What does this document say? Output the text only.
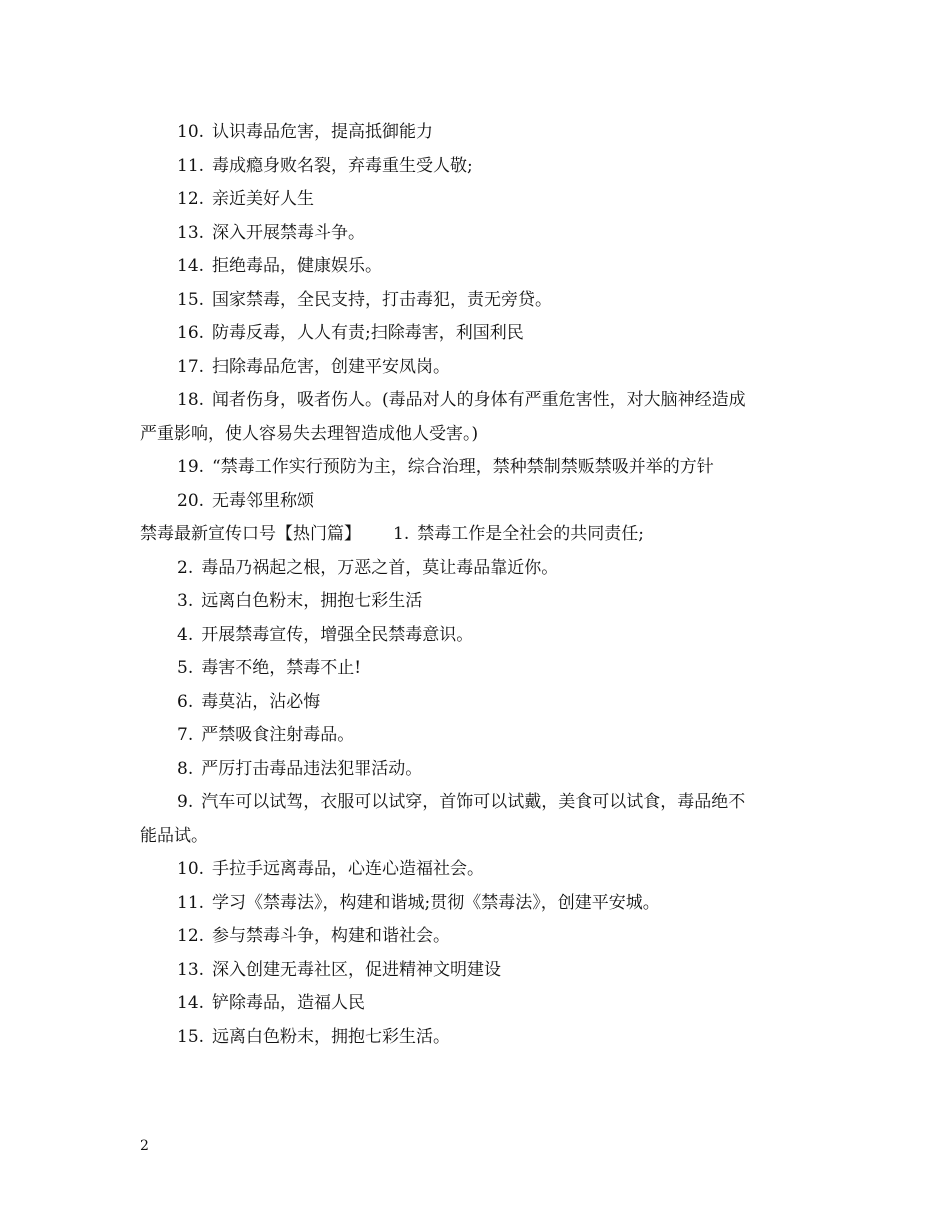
10. 认识毒品危害，提高抵御能力

11. 毒成瘾身败名裂，弃毒重生受人敬;

12. 亲近美好人生

13. 深入开展禁毒斗争。

14. 拒绝毒品，健康娱乐。

15. 国家禁毒，全民支持，打击毒犯，责无旁贷。

16. 防毒反毒，人人有责;扫除毒害，利国利民

17. 扫除毒品危害，创建平安凤岗。

18. 闻者伤身，吸者伤人。(毒品对人的身体有严重危害性，对大脑神经造成

严重影响，使人容易失去理智造成他人受害。)

19. “禁毒工作实行预防为主，综合治理，禁种禁制禁贩禁吸并举的方针

20. 无毒邻里称颂

禁毒最新宣传口号【热门篇】 1. 禁毒工作是全社会的共同责任;

2. 毒品乃祸起之根，万恶之首，莫让毒品靠近你。

3. 远离白色粉末，拥抱七彩生活

4. 开展禁毒宣传，增强全民禁毒意识。

5. 毒害不绝，禁毒不止!

6. 毒莫沾，沾必悔

7. 严禁吸食注射毒品。

8. 严厉打击毒品违法犯罪活动。

9. 汽车可以试驾，衣服可以试穿，首饰可以试戴，美食可以试食，毒品绝不

能品试。

10. 手拉手远离毒品，心连心造福社会。

11. 学习《禁毒法》，构建和谐城;贯彻《禁毒法》，创建平安城。

12. 参与禁毒斗争，构建和谐社会。

13. 深入创建无毒社区，促进精神文明建设

14. 铲除毒品，造福人民

15. 远离白色粉末，拥抱七彩生活。

2
